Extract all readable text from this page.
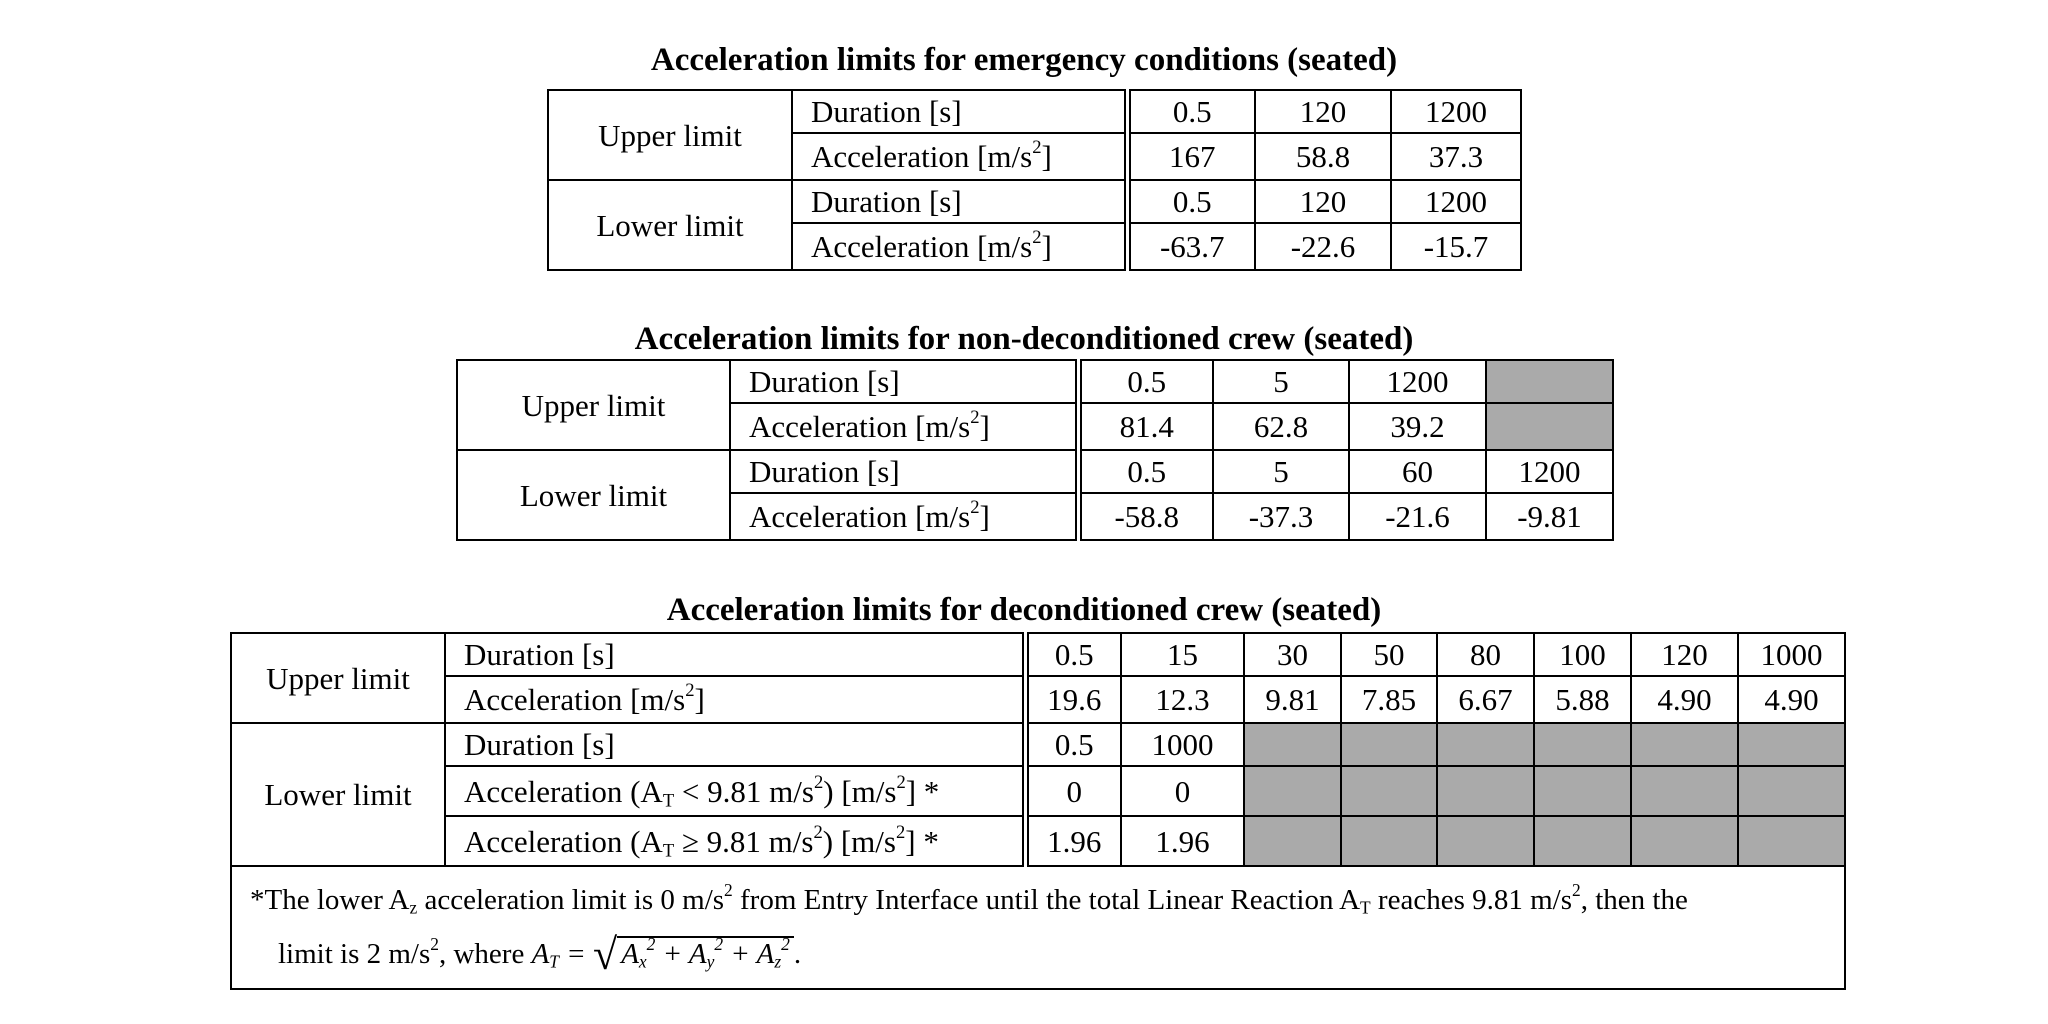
Acceleration limits for emergency conditions (seated)
Upper limit	Duration [s]	0.5	120	1200
	Acceleration $[m/s^2]$	167	58.8	37.3
Lower limit	Duration [s]	0.5	120	1200
	Acceleration $[m/s^2]$	-63.7	-22.6	-15.7
Acceleration limits for non-deconditioned crew (seated)
Upper limit	Duration [s]	0.5	5	1200	
	Acceleration $[m/s^2]$	81.4	62.8	39.2	
Lower limit	Duration [s]	0.5	5	60	1200
	Acceleration $[m/s^2]$	-58.8	-37.3	-21.6	-9.81
Acceleration limits for deconditioned crew (seated)
Upper limit	Duration [s]	0.5	15	30	50	80	100	120	1000
	Acceleration $[m/s^2]$	19.6	12.3	9.81	7.85	6.67	5.88	4.90	4.90
Lower limit	Duration [s]	0.5	1000						
	Acceleration ($A_T < 9.81$ $m/s^2$) $[m/s^2]$ *	0	0						
	Acceleration ($A_T \ge 9.81$ $m/s^2$) $[m/s^2]$ *	1.96	1.96						
*The lower $A_z$ acceleration limit is 0 $m/s^2$ from Entry Interface until the total Linear Reaction $A_T$ reaches 9.81 $m/s^2$, then the
limit is 2 $m/s^2$, where $A_T$ = √ $A_x^2 + A_y^2 + A_z^2$ .									
